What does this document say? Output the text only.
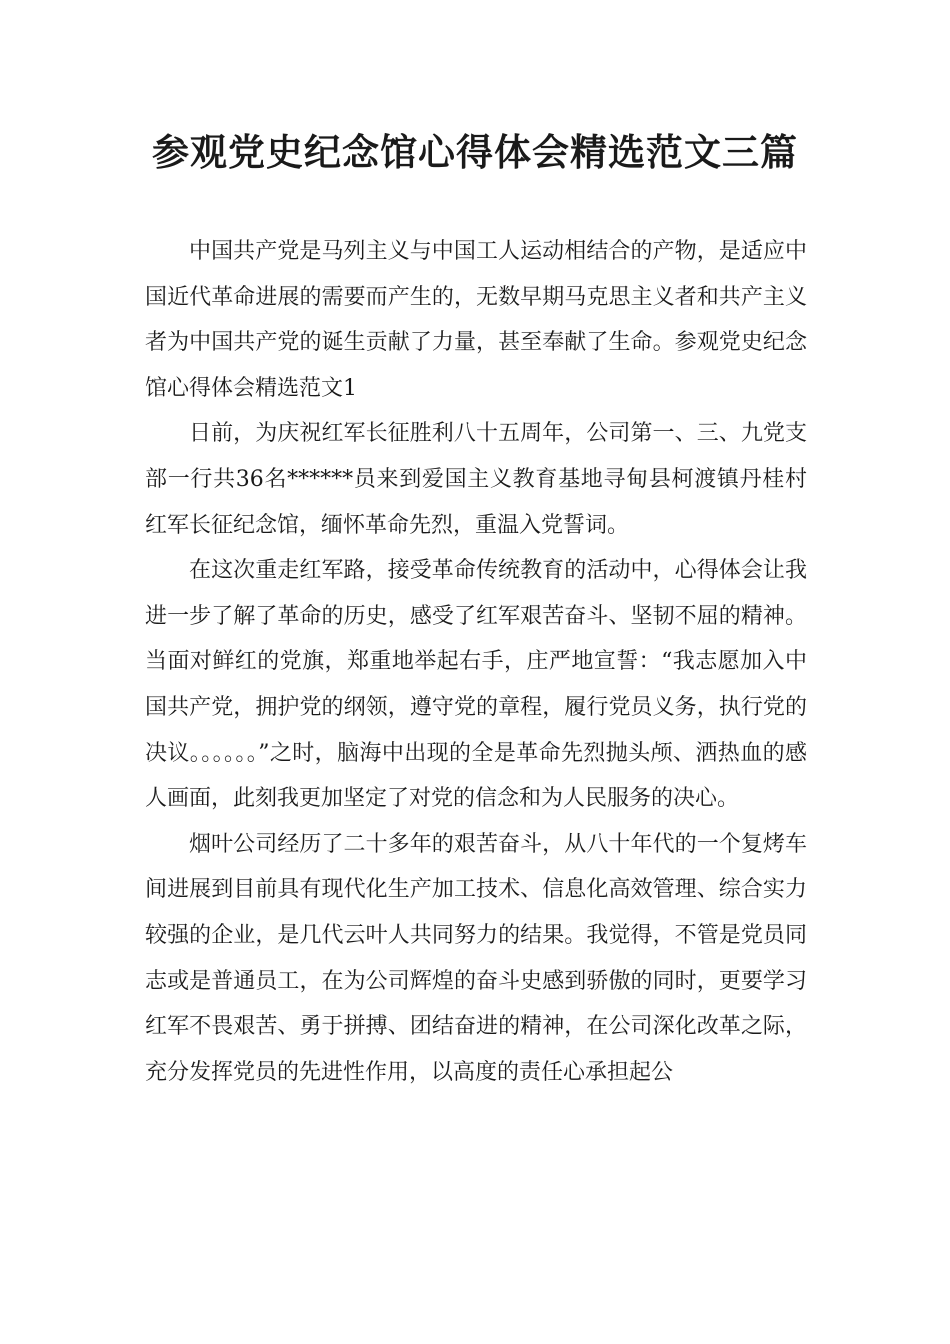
参观党史纪念馆心得体会精选范文三篇

中国共产党是马列主义与中国工人运动相结合的产物，是适应中国近代革命进展的需要而产生的，无数早期马克思主义者和共产主义者为中国共产党的诞生贡献了力量，甚至奉献了生命。参观党史纪念馆心得体会精选范文1

日前，为庆祝红军长征胜利八十五周年，公司第一、三、九党支部一行共36名******员来到爱国主义教育基地寻甸县柯渡镇丹桂村红军长征纪念馆，缅怀革命先烈，重温入党誓词。

在这次重走红军路，接受革命传统教育的活动中，心得体会让我进一步了解了革命的历史，感受了红军艰苦奋斗、坚韧不屈的精神。当面对鲜红的党旗，郑重地举起右手，庄严地宣誓：“我志愿加入中国共产党，拥护党的纲领，遵守党的章程，履行党员义务，执行党的决议。。。。。。”之时，脑海中出现的全是革命先烈抛头颅、洒热血的感人画面，此刻我更加坚定了对党的信念和为人民服务的决心。

烟叶公司经历了二十多年的艰苦奋斗，从八十年代的一个复烤车间进展到目前具有现代化生产加工技术、信息化高效管理、综合实力较强的企业，是几代云叶人共同努力的结果。我觉得，不管是党员同志或是普通员工，在为公司辉煌的奋斗史感到骄傲的同时，更要学习红军不畏艰苦、勇于拼搏、团结奋进的精神，在公司深化改革之际，充分发挥党员的先进性作用，以高度的责任心承担起公
